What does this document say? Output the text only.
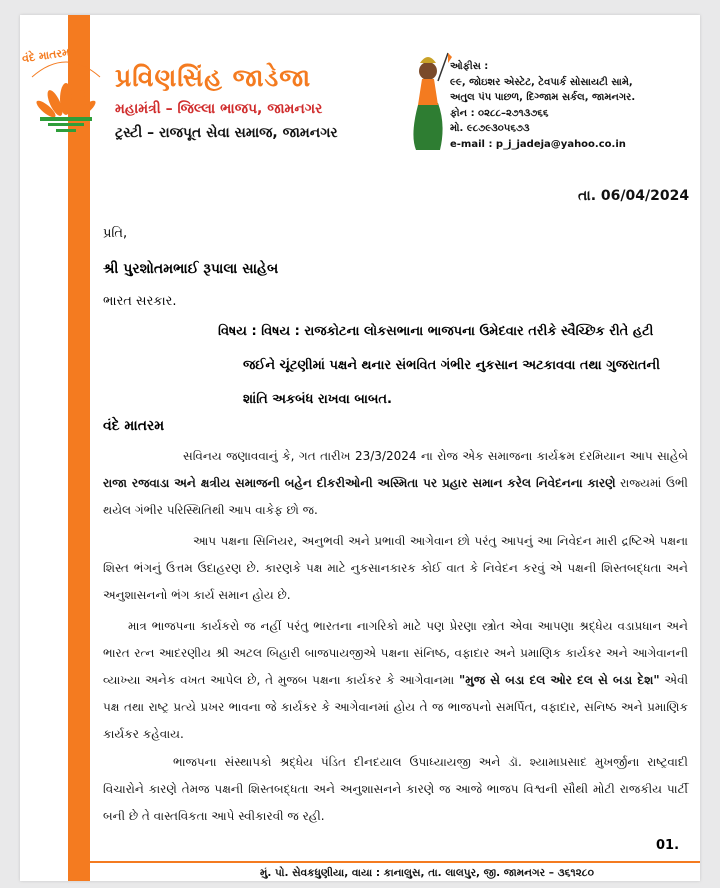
વંદે માતરમ
પ્રવિણસિંહ જાડેજા
મહામંત્રી – જિલ્લા ભાજપ, જામનગર
ટ્રસ્ટી – રાજપૂત સેવા સમાજ, જામનગર
ઓફીસ :
૯૯, જોઇશર એસ્ટેટ, ટેવપાર્ક સોસાયટી સામે,
અતુલ પંપ પાછળ, દિગ્જામ સર્કલ, જામનગર.
ફોન : ૦૨૮૮–૨૭૧૩૭૬૬
મો. ૯૮૭૯૩૦૫૬૭૩
e-mail : p_j_jadeja@yahoo.co.in
તા. 06/04/2024
પ્રતિ,
શ્રી પુરશોતમભાઈ રૂપાલા સાહેબ
ભારત સરકાર.
વિષય : વિષય : રાજકોટના લોકસભાના ભાજપના ઉમેદવાર તરીકે સ્વૈચ્છિક રીતે હટી
જઈને ચૂંટણીમાં પક્ષને થનાર સંભવિત ગંભીર નુકસાન અટકાવવા તથા ગુજરાતની
શાંતિ અકબંધ રાખવા બાબત.
વંદે માતરમ
સવિનય જણાવવાનું કે, ગત તારીખ 23/3/2024 ના રોજ એક સમાજના કાર્યક્રમ દરમિયાન આપ સાહેબે રાજા રજવાડા અને ક્ષત્રીય સમાજની બહેન દીકરીઓની અસ્મિતા પર પ્રહાર સમાન કરેલ નિવેદનના કારણે રાજ્યમાં ઉભી થયેલ ગંભીર પરિસ્થિતિથી આપ વાકેફ છો જ.
આપ પક્ષના સિનિયર, અનુભવી અને પ્રભાવી આગેવાન છો પરંતુ આપનું આ નિવેદન મારી દ્રષ્ટિએ પક્ષના શિસ્ત ભંગનું ઉત્તમ ઉદાહરણ છે. કારણકે પક્ષ માટે નુકસાનકારક કોઈ વાત કે નિવેદન કરવું એ પક્ષની શિસ્તબદ્ધતા અને અનુશાસનનો ભંગ કાર્ય સમાન હોય છે.
માત્ર ભાજપના કાર્યકરો જ નહીં પરંતુ ભારતના નાગરિકો માટે પણ પ્રેરણા સ્ત્રોત એવા આપણા શ્રદ્ધેય વડાપ્રધાન અને ભારત રત્ન આદરણીય શ્રી અટલ બિહારી બાજપાયજીએ પક્ષના સંનિષ્ઠ, વફાદાર અને પ્રમાણિક કાર્યકર અને આગેવાનની વ્યાખ્યા અનેક વખત આપેલ છે, તે મુજબ પક્ષના કાર્યકર કે આગેવાનમા "મુજ સે બડા દલ ઓર દલ સે બડા દેશ" એવી પક્ષ તથા રાષ્ટ્ર પ્રત્યે પ્રખર ભાવના જે કાર્યકર કે આગેવાનમાં હોય તે જ ભાજપનો સમર્પિત, વફાદાર, સનિષ્ઠ અને પ્રમાણિક કાર્યકર કહેવાય.
ભાજપના સંસ્થાપકો શ્રદ્ધેય પંડિત દીનદયાલ ઉપાધ્યાયજી અને ડૉ. શ્યામાપ્રસાદ મુખર્જીના રાષ્ટ્રવાદી વિચારોને કારણે તેમજ પક્ષની શિસ્તબદ્ધતા અને અનુશાસનને કારણે જ આજે ભાજપ વિશ્વની સૌથી મોટી રાજકીય પાર્ટી બની છે તે વાસ્તવિકતા આપે સ્વીકારવી જ રહી.
01.
મું. પો. સેવકધુણીયા, વાયા : કાનાલુસ, તા. લાલપુર, જી. જામનગર – ૩૬૧૨૮૦
